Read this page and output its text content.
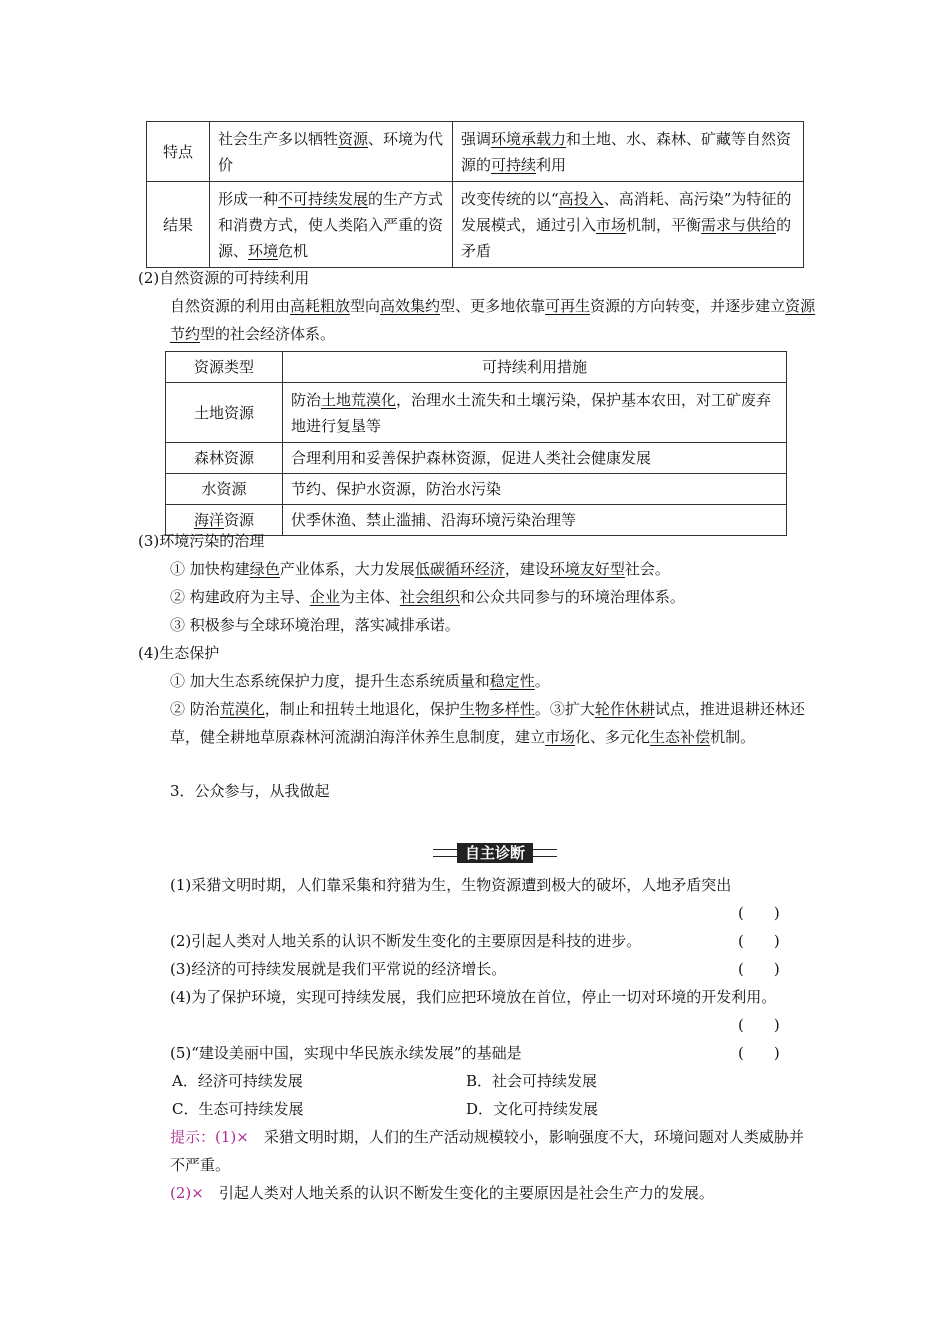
特点	社会生产多以牺牲资源、环境为代价	强调环境承载力和土地、水、森林、矿藏等自然资源的可持续利用
结果	形成一种不可持续发展的生产方式和消费方式，使人类陷入严重的资源、环境危机	改变传统的以“高投入、高消耗、高污染”为特征的发展模式，通过引入市场机制，平衡需求与供给的矛盾
(2)自然资源的可持续利用
自然资源的利用由高耗粗放型向高效集约型、更多地依靠可再生资源的方向转变，并逐步建立资源节约型的社会经济体系。
资源类型	可持续利用措施
土地资源	防治土地荒漠化，治理水土流失和土壤污染，保护基本农田，对工矿废弃地进行复垦等
森林资源	合理利用和妥善保护森林资源，促进人类社会健康发展
水资源	节约、保护水资源，防治水污染
海洋资源	伏季休渔、禁止滥捕、沿海环境污染治理等
(3)环境污染的治理
① 加快构建绿色产业体系，大力发展低碳循环经济，建设环境友好型社会。
② 构建政府为主导、企业为主体、社会组织和公众共同参与的环境治理体系。
③ 积极参与全球环境治理，落实减排承诺。
(4)生态保护
① 加大生态系统保护力度，提升生态系统质量和稳定性。
② 防治荒漠化，制止和扭转土地退化，保护生物多样性。③扩大轮作休耕试点，推进退耕还林还草，健全耕地草原森林河流湖泊海洋休养生息制度，建立市场化、多元化生态补偿机制。
3．公众参与，从我做起
自主诊断
(1)采猎文明时期，人们靠采集和狩猎为生，生物资源遭到极大的破坏，人地矛盾突出
(　　)
(2)引起人类对人地关系的认识不断发生变化的主要原因是科技的进步。	(　　)
(3)经济的可持续发展就是我们平常说的经济增长。	(　　)
(4)为了保护环境，实现可持续发展，我们应把环境放在首位，停止一切对环境的开发利用。
(　　)
(5)“建设美丽中国，实现中华民族永续发展”的基础是	(　　)
A．经济可持续发展	B．社会可持续发展
C．生态可持续发展	D．文化可持续发展
提示：(1)×　采猎文明时期，人们的生产活动规模较小，影响强度不大，环境问题对人类威胁并不严重。
(2)×　引起人类对人地关系的认识不断发生变化的主要原因是社会生产力的发展。
